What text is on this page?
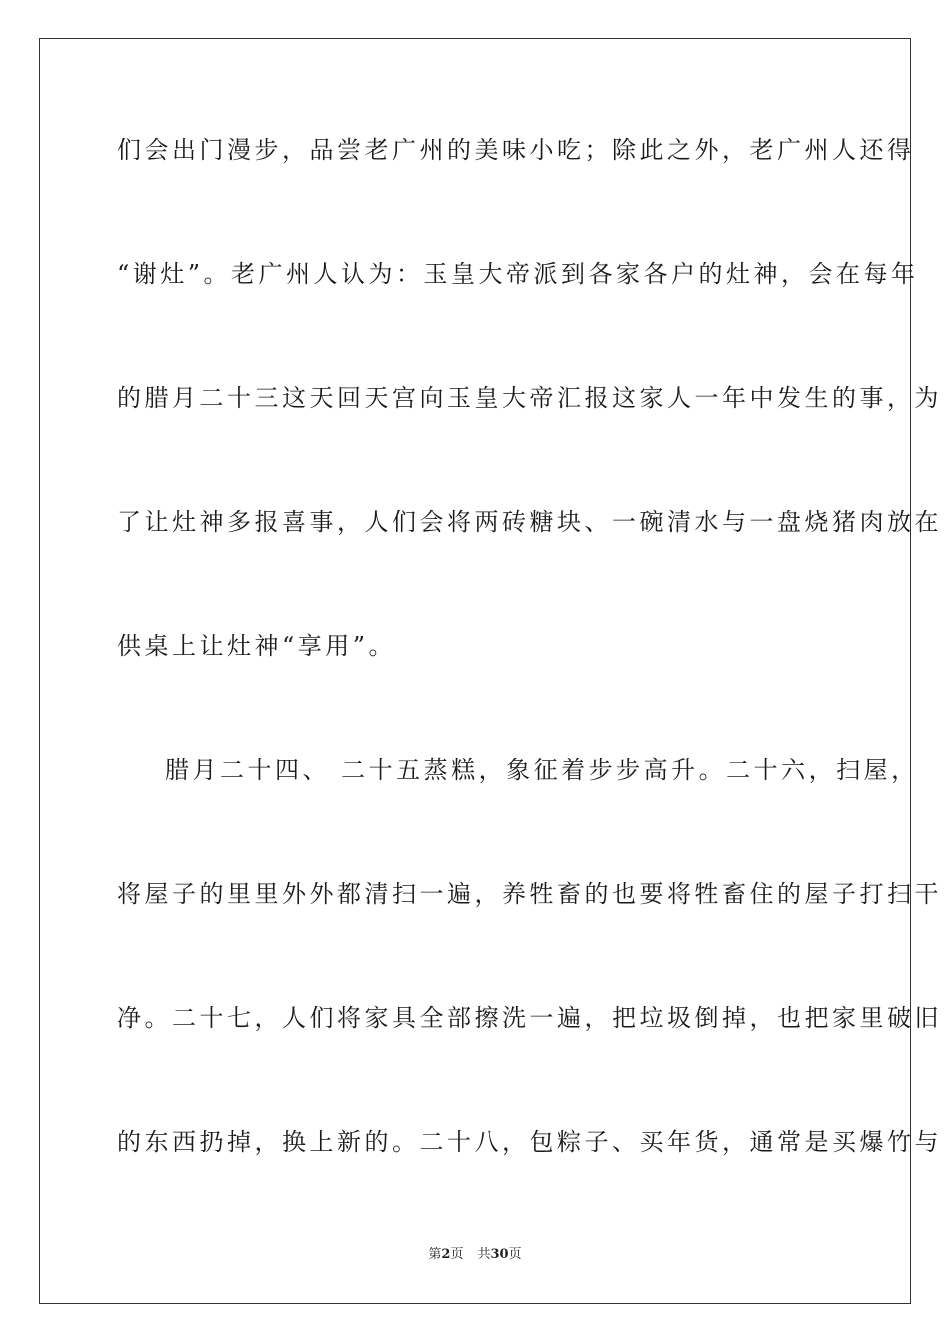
们会出门漫步，品尝老广州的美味小吃；除此之外，老广州人还得
“谢灶”。老广州人认为：玉皇大帝派到各家各户的灶神，会在每年
的腊月二十三这天回天宫向玉皇大帝汇报这家人一年中发生的事，为
了让灶神多报喜事，人们会将两砖糖块、一碗清水与一盘烧猪肉放在
供桌上让灶神“享用”。
腊月二十四、 二十五蒸糕，象征着步步高升。二十六，扫屋，
将屋子的里里外外都清扫一遍，养牲畜的也要将牲畜住的屋子打扫干
净。二十七，人们将家具全部擦洗一遍，把垃圾倒掉，也把家里破旧
的东西扔掉，换上新的。二十八，包粽子、买年货，通常是买爆竹与
第2页 共30页
